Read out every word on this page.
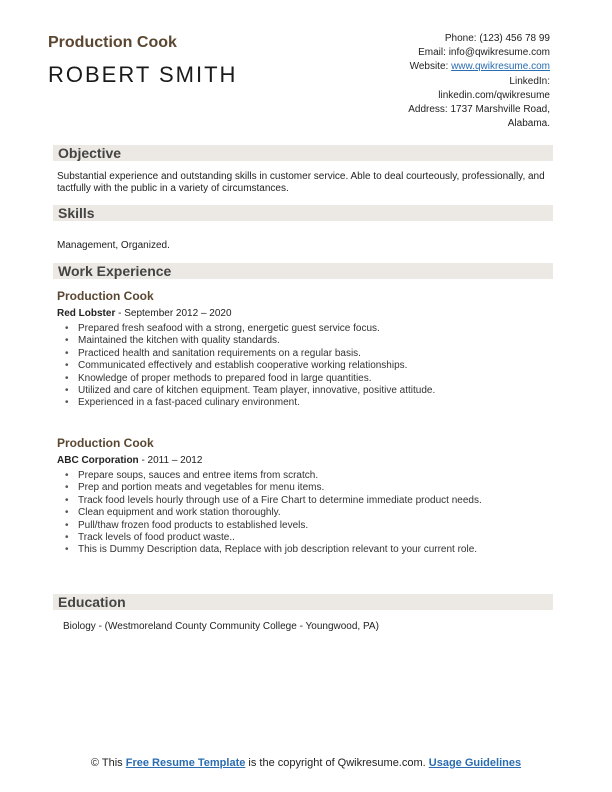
Production Cook
ROBERT SMITH
Phone: (123) 456 78 99
Email: info@qwikresume.com
Website: www.qwikresume.com
LinkedIn:
linkedin.com/qwikresume
Address: 1737 Marshville Road,
Alabama.
Objective
Substantial experience and outstanding skills in customer service. Able to deal courteously, professionally, and tactfully with the public in a variety of circumstances.
Skills
Management, Organized.
Work Experience
Production Cook
Red Lobster - September 2012 – 2020
• Prepared fresh seafood with a strong, energetic guest service focus.
• Maintained the kitchen with quality standards.
• Practiced health and sanitation requirements on a regular basis.
• Communicated effectively and establish cooperative working relationships.
• Knowledge of proper methods to prepared food in large quantities.
• Utilized and care of kitchen equipment. Team player, innovative, positive attitude.
• Experienced in a fast-paced culinary environment.
Production Cook
ABC Corporation - 2011 – 2012
• Prepare soups, sauces and entree items from scratch.
• Prep and portion meats and vegetables for menu items.
• Track food levels hourly through use of a Fire Chart to determine immediate product needs.
• Clean equipment and work station thoroughly.
• Pull/thaw frozen food products to established levels.
• Track levels of food product waste..
• This is Dummy Description data, Replace with job description relevant to your current role.
Education
Biology - (Westmoreland County Community College - Youngwood, PA)
© This Free Resume Template is the copyright of Qwikresume.com. Usage Guidelines
